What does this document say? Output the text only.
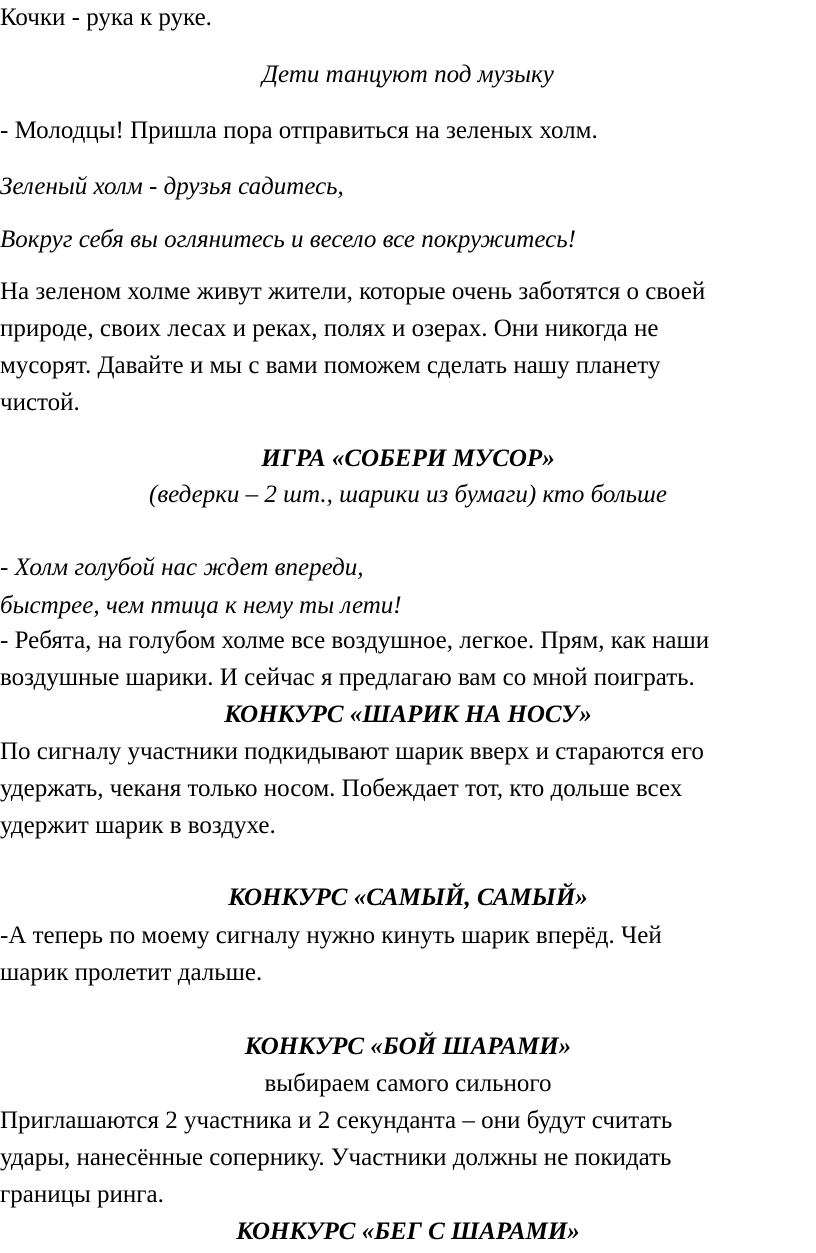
Кочки - рука к руке.

Дети танцуют под музыку

- Молодцы! Пришла пора отправиться на зеленых холм.

Зеленый холм - друзья садитесь,

Вокруг себя вы оглянитесь и весело все покружитесь!

На зеленом холме живут жители, которые очень заботятся о своей

природе, своих лесах и реках, полях и озерах. Они никогда не

мусорят. Давайте и мы с вами поможем сделать нашу планету

чистой.

ИГРА «СОБЕРИ МУСОР»

(ведерки – 2 шт., шарики из бумаги) кто больше

- Холм голубой нас ждет впереди,

быстрее, чем птица к нему ты лети!

- Ребята, на голубом холме все воздушное, легкое. Прям, как наши

воздушные шарики. И сейчас я предлагаю вам со мной поиграть.

КОНКУРС «ШАРИК НА НОСУ»

По сигналу участники подкидывают шарик вверх и стараются его

удержать, чеканя только носом. Побеждает тот, кто дольше всех

удержит шарик в воздухе.

КОНКУРС «САМЫЙ, САМЫЙ»

-А теперь по моему сигналу нужно кинуть шарик вперёд. Чей

шарик пролетит дальше.

КОНКУРС «БОЙ ШАРАМИ»

выбираем самого сильного

Приглашаются 2 участника и 2 секунданта – они будут считать

удары, нанесённые сопернику. Участники должны не покидать

границы ринга.

КОНКУРС «БЕГ С ШАРАМИ»
